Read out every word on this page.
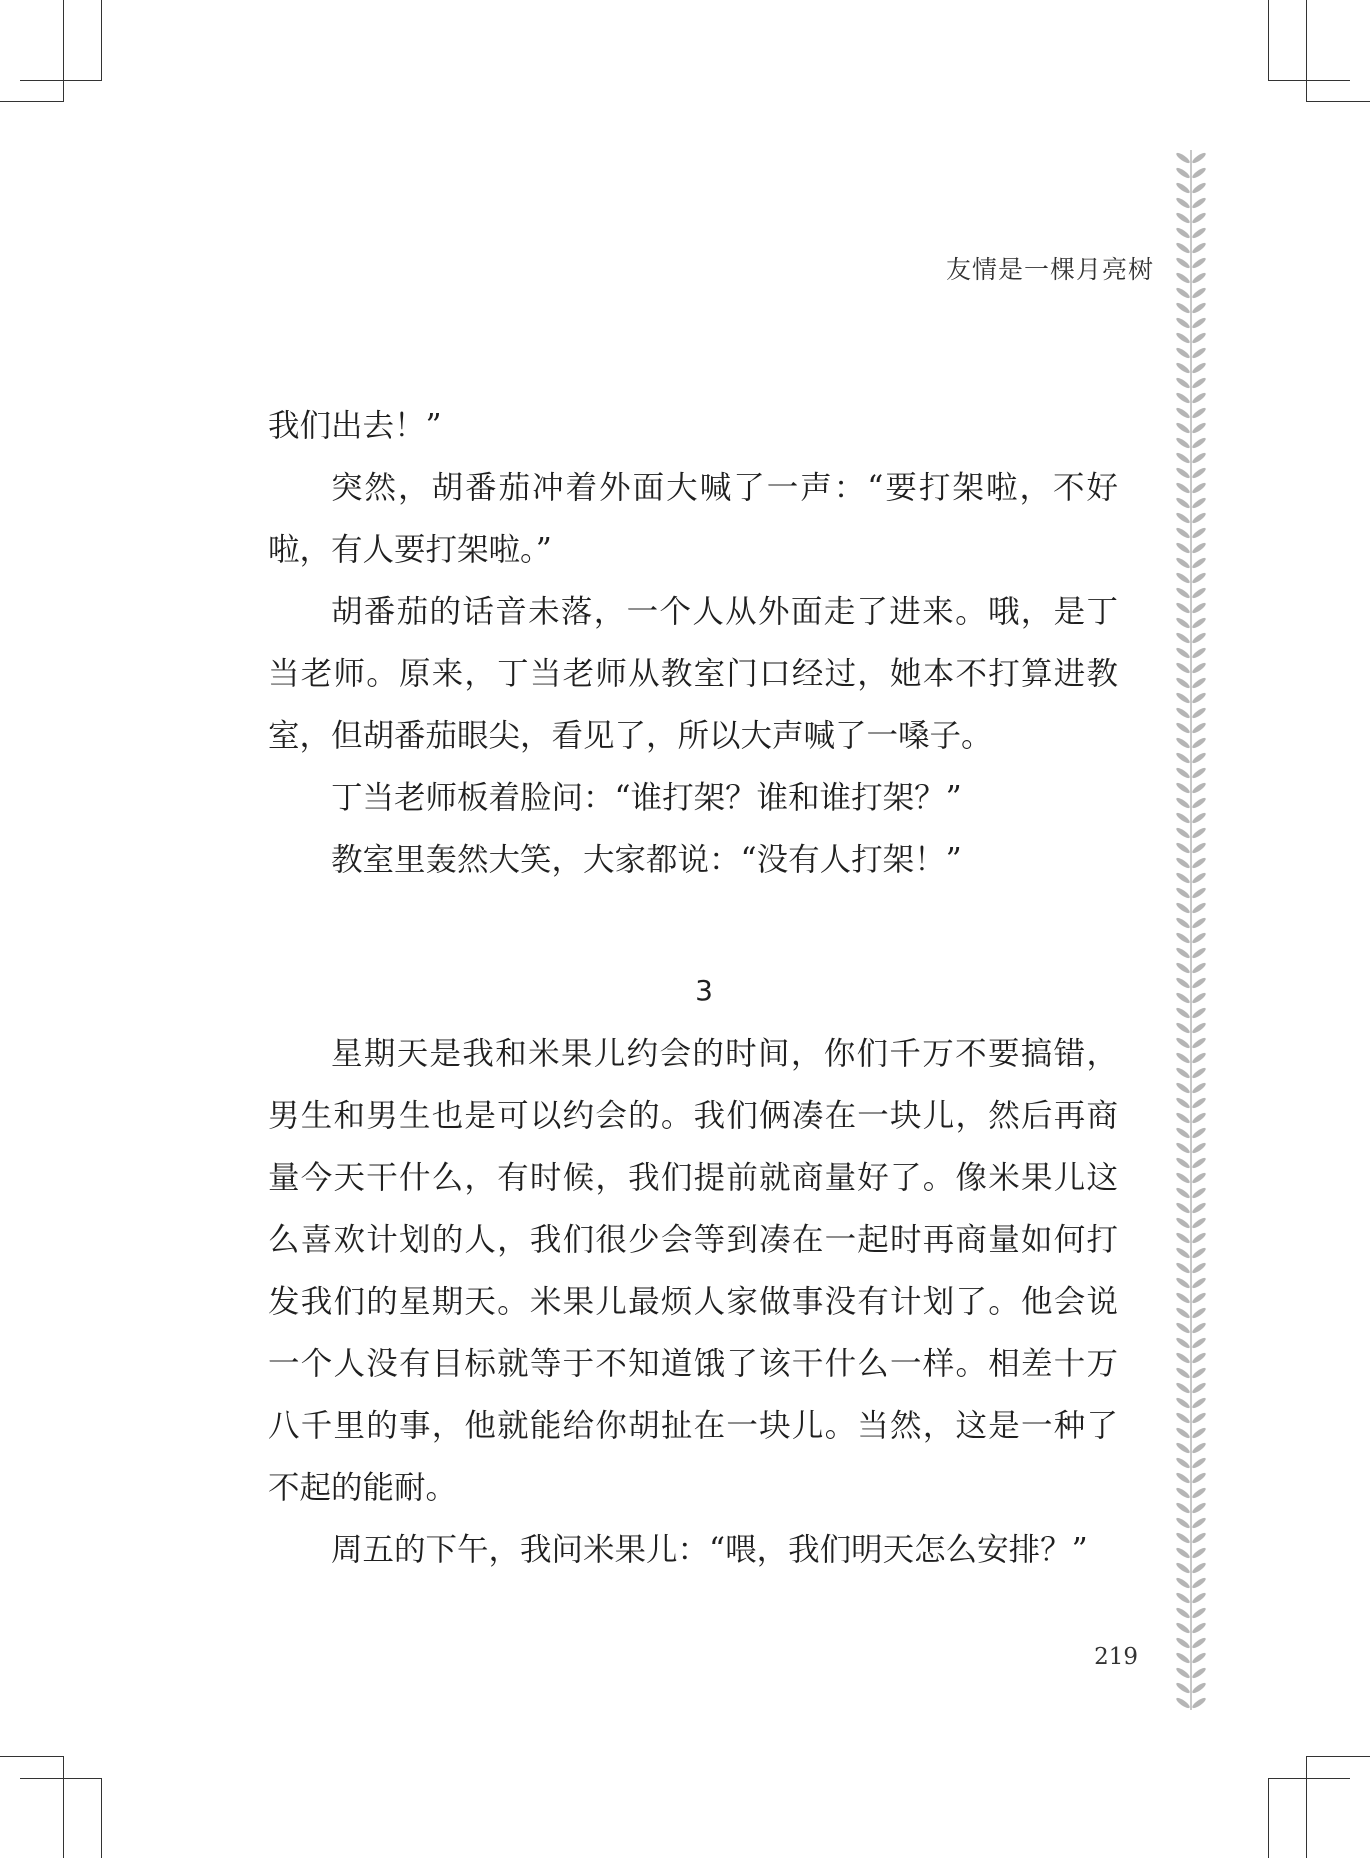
友情是一棵月亮树

我们出去！”

突然，胡番茄冲着外面大喊了一声：“要打架啦，不好啦，有人要打架啦。”

胡番茄的话音未落，一个人从外面走了进来。哦，是丁当老师。原来，丁当老师从教室门口经过，她本不打算进教室，但胡番茄眼尖，看见了，所以大声喊了一嗓子。

丁当老师板着脸问：“谁打架？谁和谁打架？”

教室里轰然大笑，大家都说：“没有人打架！”

3

星期天是我和米果儿约会的时间，你们千万不要搞错，男生和男生也是可以约会的。我们俩凑在一块儿，然后再商量今天干什么，有时候，我们提前就商量好了。像米果儿这么喜欢计划的人，我们很少会等到凑在一起时再商量如何打发我们的星期天。米果儿最烦人家做事没有计划了。他会说一个人没有目标就等于不知道饿了该干什么一样。相差十万八千里的事，他就能给你胡扯在一块儿。当然，这是一种了不起的能耐。

周五的下午，我问米果儿：“喂，我们明天怎么安排？”

219
